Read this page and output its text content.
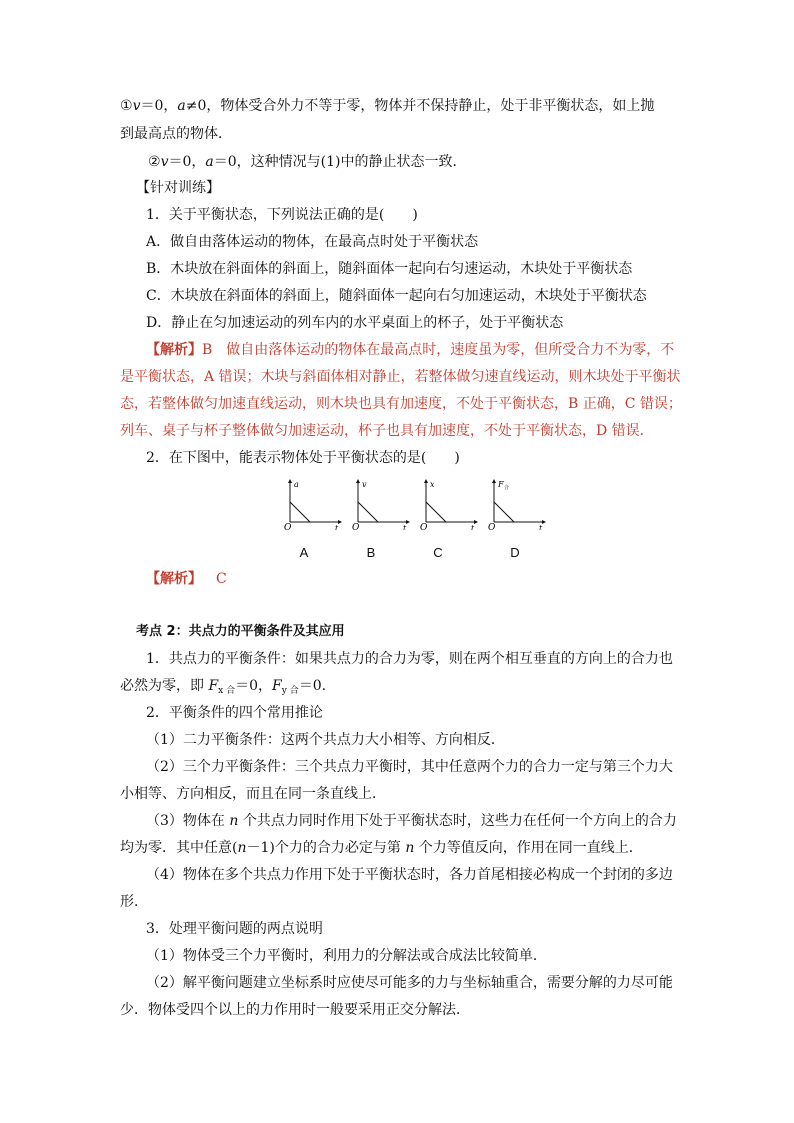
①v＝0，a≠0，物体受合外力不等于零，物体并不保持静止，处于非平衡状态，如上抛
到最高点的物体．
②v＝0，a＝0，这种情况与(1)中的静止状态一致．
【针对训练】
1．关于平衡状态，下列说法正确的是(　　)
A．做自由落体运动的物体，在最高点时处于平衡状态
B．木块放在斜面体的斜面上，随斜面体一起向右匀速运动，木块处于平衡状态
C．木块放在斜面体的斜面上，随斜面体一起向右匀加速运动，木块处于平衡状态
D．静止在匀加速运动的列车内的水平桌面上的杯子，处于平衡状态
【解析】B　做自由落体运动的物体在最高点时，速度虽为零，但所受合力不为零，不
是平衡状态，A 错误；木块与斜面体相对静止，若整体做匀速直线运动，则木块处于平衡状
态，若整体做匀加速直线运动，则木块也具有加速度，不处于平衡状态，B 正确，C 错误；
列车、桌子与杯子整体做匀加速运动，杯子也具有加速度，不处于平衡状态，D 错误．
2．在下图中，能表示物体处于平衡状态的是(　　)
a
O	t
v
O	t
x
O	t
F 合
O	t
A	B	C	D
【解析】 C
考点 2：共点力的平衡条件及其应用
1．共点力的平衡条件：如果共点力的合力为零，则在两个相互垂直的方向上的合力也
必然为零，即 $F_{x 合}=0$，$F_{y 合}=0$.
2．平衡条件的四个常用推论
（1）二力平衡条件：这两个共点力大小相等、方向相反．
（2）三个力平衡条件：三个共点力平衡时，其中任意两个力的合力一定与第三个力大
小相等、方向相反，而且在同一条直线上．
（3）物体在 n 个共点力同时作用下处于平衡状态时，这些力在任何一个方向上的合力
均为零．其中任意(n－1)个力的合力必定与第 n 个力等值反向，作用在同一直线上．
（4）物体在多个共点力作用下处于平衡状态时，各力首尾相接必构成一个封闭的多边
形．
3．处理平衡问题的两点说明
（1）物体受三个力平衡时，利用力的分解法或合成法比较简单．
（2）解平衡问题建立坐标系时应使尽可能多的力与坐标轴重合，需要分解的力尽可能
少．物体受四个以上的力作用时一般要采用正交分解法．
